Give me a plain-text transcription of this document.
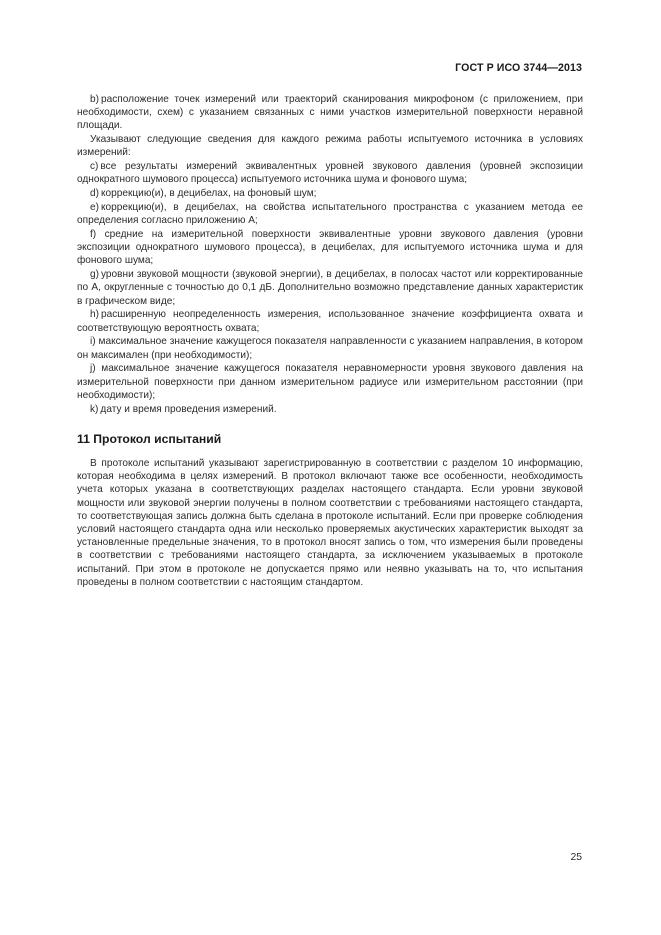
ГОСТ Р ИСО 3744—2013
b) расположение точек измерений или траекторий сканирования микрофоном (с приложением, при необходимости, схем) с указанием связанных с ними участков измерительной поверхности неравной площади.
Указывают следующие сведения для каждого режима работы испытуемого источника в условиях измерений:
c) все результаты измерений эквивалентных уровней звукового давления (уровней экспозиции однократного шумового процесса) испытуемого источника шума и фонового шума;
d) коррекцию(и), в децибелах, на фоновый шум;
e) коррекцию(и), в децибелах, на свойства испытательного пространства с указанием метода ее определения согласно приложению A;
f) средние на измерительной поверхности эквивалентные уровни звукового давления (уровни экспозиции однократного шумового процесса), в децибелах, для испытуемого источника шума и для фонового шума;
g) уровни звуковой мощности (звуковой энергии), в децибелах, в полосах частот или корректированные по A, округленные с точностью до 0,1 дБ. Дополнительно возможно представление данных характеристик в графическом виде;
h) расширенную неопределенность измерения, использованное значение коэффициента охвата и соответствующую вероятность охвата;
i) максимальное значение кажущегося показателя направленности с указанием направления, в котором он максимален (при необходимости);
j) максимальное значение кажущегося показателя неравномерности уровня звукового давления на измерительной поверхности при данном измерительном радиусе или измерительном расстоянии (при необходимости);
k) дату и время проведения измерений.
11 Протокол испытаний
В протоколе испытаний указывают зарегистрированную в соответствии с разделом 10 информацию, которая необходима в целях измерений. В протокол включают также все особенности, необходимость учета которых указана в соответствующих разделах настоящего стандарта. Если уровни звуковой мощности или звуковой энергии получены в полном соответствии с требованиями настоящего стандарта, то соответствующая запись должна быть сделана в протоколе испытаний. Если при проверке соблюдения условий настоящего стандарта одна или несколько проверяемых акустических характеристик выходят за установленные предельные значения, то в протокол вносят запись о том, что измерения были проведены в соответствии с требованиями настоящего стандарта, за исключением указываемых в протоколе испытаний. При этом в протоколе не допускается прямо или неявно указывать на то, что испытания проведены в полном соответствии с настоящим стандартом.
25
